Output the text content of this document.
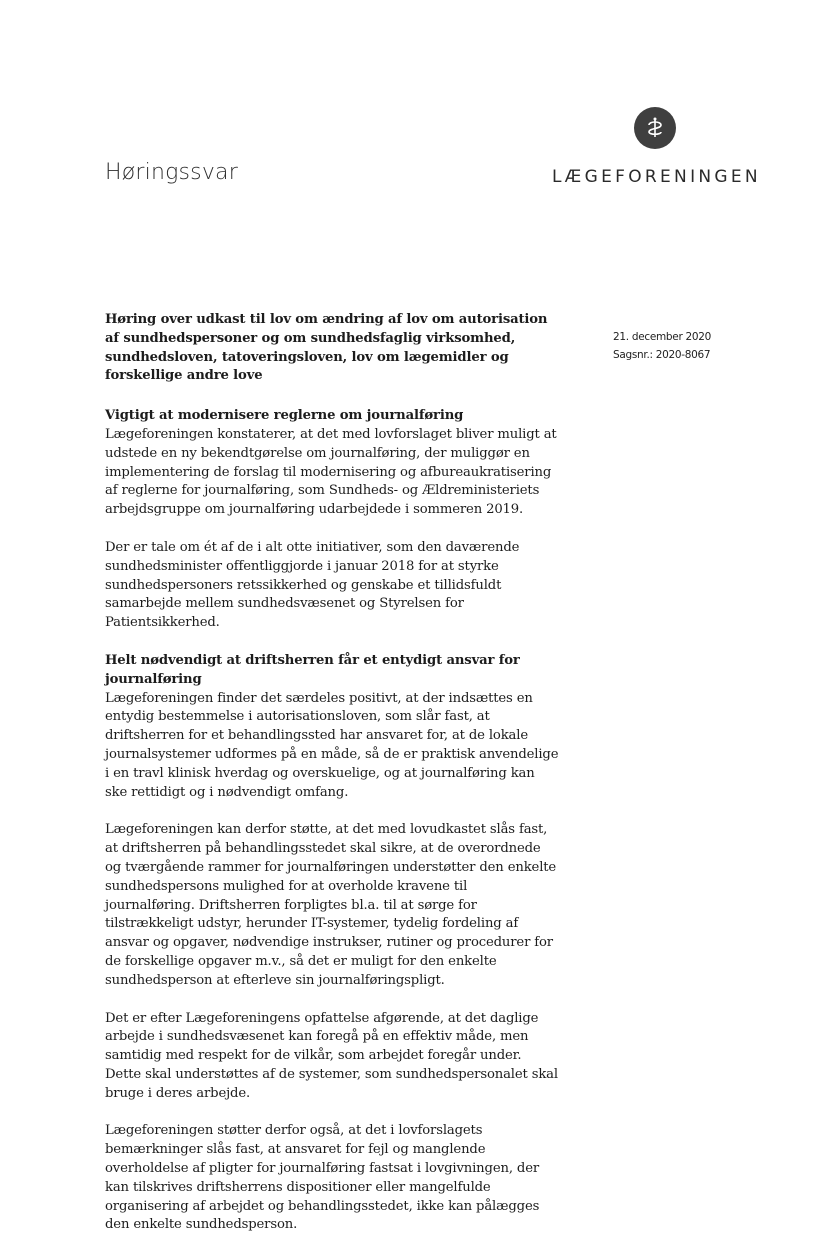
Høringssvar	LÆGEFORENINGEN
21. december 2020
Sagsnr.: 2020-8067

Høring over udkast til lov om ændring af lov om autorisation af sundhedspersoner og om sundhedsfaglig virksomhed, sundhedsloven, tatoveringsloven, lov om lægemidler og forskellige andre love

Vigtigt at modernisere reglerne om journalføring
Lægeforeningen konstaterer, at det med lovforslaget bliver muligt at udstede en ny bekendtgørelse om journalføring, der muliggør en implementering de forslag til modernisering og afbureaukratisering af reglerne for journalføring, som Sundheds- og Ældreministeriets arbejdsgruppe om journalføring udarbejdede i sommeren 2019.

Der er tale om ét af de i alt otte initiativer, som den daværende sundhedsminister offentliggjorde i januar 2018 for at styrke sundhedspersoners retssikkerhed og genskabe et tillidsfuldt samarbejde mellem sundhedsvæsenet og Styrelsen for Patientsikkerhed.

Helt nødvendigt at driftsherren får et entydigt ansvar for journalføring
Lægeforeningen finder det særdeles positivt, at der indsættes en entydig bestemmelse i autorisationsloven, som slår fast, at driftsherren for et behandlingssted har ansvaret for, at de lokale journalsystemer udformes på en måde, så de er praktisk anvendelige i en travl klinisk hverdag og overskuelige, og at journalføring kan ske rettidigt og i nødvendigt omfang.

Lægeforeningen kan derfor støtte, at det med lovudkastet slås fast, at driftsherren på behandlingsstedet skal sikre, at de overordnede og tværgående rammer for journalføringen understøtter den enkelte sundhedspersons mulighed for at overholde kravene til journalføring. Driftsherren forpligtes bl.a. til at sørge for tilstrækkeligt udstyr, herunder IT-systemer, tydelig fordeling af ansvar og opgaver, nødvendige instrukser, rutiner og procedurer for de forskellige opgaver m.v., så det er muligt for den enkelte sundhedsperson at efterleve sin journalføringspligt.

Det er efter Lægeforeningens opfattelse afgørende, at det daglige arbejde i sundhedsvæsenet kan foregå på en effektiv måde, men samtidig med respekt for de vilkår, som arbejdet foregår under. Dette skal understøttes af de systemer, som sundhedspersonalet skal bruge i deres arbejde.

Lægeforeningen støtter derfor også, at det i lovforslagets bemærkninger slås fast, at ansvaret for fejl og manglende overholdelse af pligter for journalføring fastsat i lovgivningen, der kan tilskrives driftsherrens dispositioner eller mangelfulde organisering af arbejdet og behandlingsstedet, ikke kan pålægges den enkelte sundhedsperson.
